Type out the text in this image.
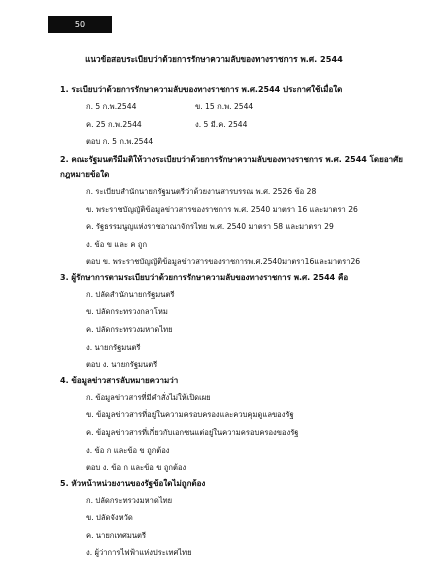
50
แนวข้อสอบระเบียบว่าด้วยการรักษาความลับของทางราชการ พ.ศ. 2544
1. ระเบียบว่าด้วยการรักษาความลับของทางราชการ พ.ศ.2544 ประกาศใช้เมื่อใด
ก. 5 ก.พ.2544	ข. 15 ก.พ. 2544
ค. 25 ก.พ.2544	ง. 5 มี.ค. 2544
ตอบ ก. 5 ก.พ.2544
2. คณะรัฐมนตรีมีมติให้วางระเบียบว่าด้วยการรักษาความลับของทางราชการ พ.ศ. 2544 โดยอาศัย
กฎหมายข้อใด
ก. ระเบียบสำนักนายกรัฐมนตรีว่าด้วยงานสารบรรณ พ.ศ. 2526 ข้อ 28
ข. พระราชบัญญัติข้อมูลข่าวสารของราชการ พ.ศ. 2540 มาตรา 16 และมาตรา 26
ค. รัฐธรรมนูญแห่งราชอาณาจักรไทย พ.ศ. 2540 มาตรา 58 และมาตรา 29
ง. ข้อ ข และ ค ถูก
ตอบ ข. พระราชบัญญัติข้อมูลข่าวสารของราชการพ.ศ.2540มาตรา16และมาตรา26
3. ผู้รักษาการตามระเบียบว่าด้วยการรักษาความลับของทางราชการ พ.ศ. 2544 คือ
ก. ปลัดสำนักนายกรัฐมนตรี
ข. ปลัดกระทรวงกลาโหม
ค. ปลัดกระทรวงมหาดไทย
ง. นายกรัฐมนตรี
ตอบ ง. นายกรัฐมนตรี
4. ข้อมูลข่าวสารลับหมายความว่า
ก. ข้อมูลข่าวสารที่มีคำสั่งไม่ให้เปิดเผย
ข. ข้อมูลข่าวสารที่อยู่ในความครอบครองและควบคุมดูแลของรัฐ
ค. ข้อมูลข่าวสารที่เกี่ยวกับเอกชนแต่อยู่ในความครอบครองของรัฐ
ง. ข้อ ก และข้อ ข ถูกต้อง
ตอบ ง. ข้อ ก และข้อ ข ถูกต้อง
5. หัวหน้าหน่วยงานของรัฐข้อใดไม่ถูกต้อง
ก. ปลัดกระทรวงมหาดไทย
ข. ปลัดจังหวัด
ค. นายกเทศมนตรี
ง. ผู้ว่าการไฟฟ้าแห่งประเทศไทย
